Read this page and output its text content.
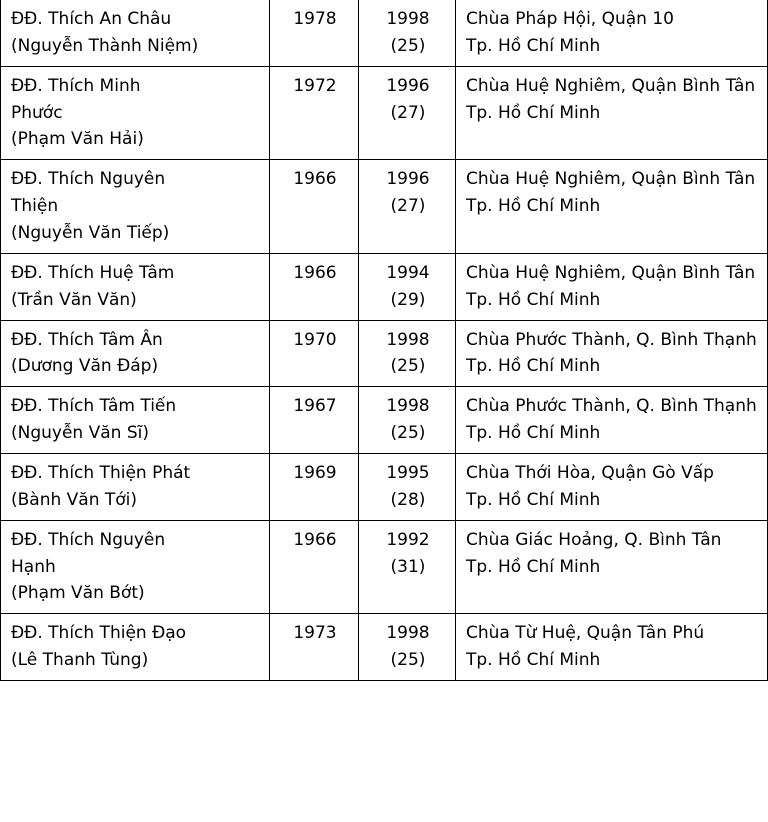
ĐĐ. Thích An Châu
(Nguyễn Thành Niệm)	1978	1998
(25)	Chùa Pháp Hội, Quận 10
Tp. Hồ Chí Minh

ĐĐ. Thích Minh
Phước
(Phạm Văn Hải)	1972	1996
(27)	Chùa Huệ Nghiêm, Quận Bình Tân
Tp. Hồ Chí Minh

ĐĐ. Thích Nguyên
Thiện
(Nguyễn Văn Tiếp)	1966	1996
(27)	Chùa Huệ Nghiêm, Quận Bình Tân
Tp. Hồ Chí Minh

ĐĐ. Thích Huệ Tâm
(Trần Văn Văn)	1966	1994
(29)	Chùa Huệ Nghiêm, Quận Bình Tân
Tp. Hồ Chí Minh

ĐĐ. Thích Tâm Ân
(Dương Văn Đáp)	1970	1998
(25)	Chùa Phước Thành, Q. Bình Thạnh
Tp. Hồ Chí Minh

ĐĐ. Thích Tâm Tiến
(Nguyễn Văn Sĩ)	1967	1998
(25)	Chùa Phước Thành, Q. Bình Thạnh
Tp. Hồ Chí Minh

ĐĐ. Thích Thiện Phát
(Bành Văn Tới)	1969	1995
(28)	Chùa Thới Hòa, Quận Gò Vấp
Tp. Hồ Chí Minh

ĐĐ. Thích Nguyên
Hạnh
(Phạm Văn Bớt)	1966	1992
(31)	Chùa Giác Hoảng, Q. Bình Tân
Tp. Hồ Chí Minh

ĐĐ. Thích Thiện Đạo
(Lê Thanh Tùng)	1973	1998
(25)	Chùa Từ Huệ, Quận Tân Phú
Tp. Hồ Chí Minh
